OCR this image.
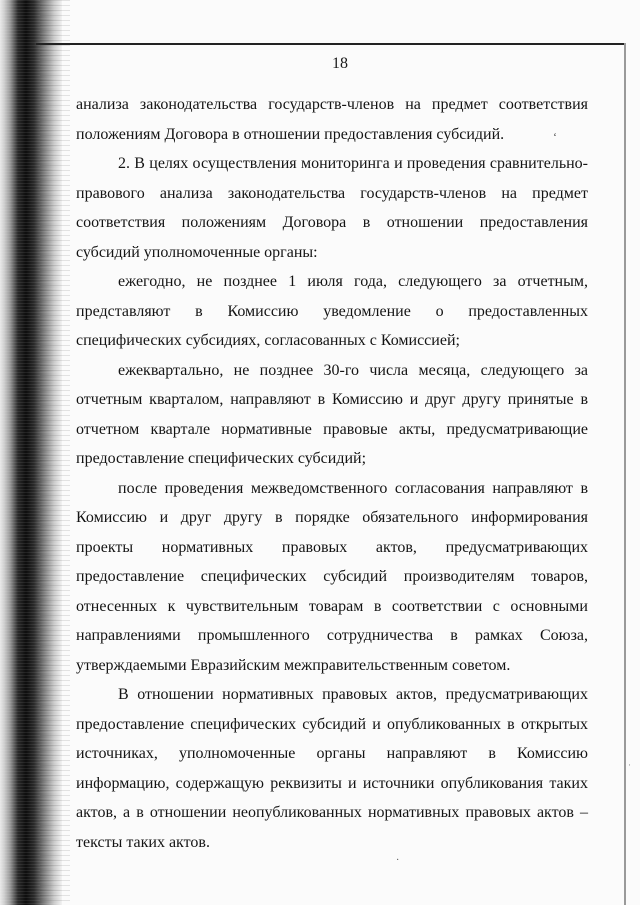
18

анализа законодательства государств-членов на предмет соответствия положениям Договора в отношении предоставления субсидий.

2. В целях осуществления мониторинга и проведения сравнительно-правового анализа законодательства государств-членов на предмет соответствия положениям Договора в отношении предоставления субсидий уполномоченные органы:

ежегодно, не позднее 1 июля года, следующего за отчетным, представляют в Комиссию уведомление о предоставленных специфических субсидиях, согласованных с Комиссией;

ежеквартально, не позднее 30-го числа месяца, следующего за отчетным кварталом, направляют в Комиссию и друг другу принятые в отчетном квартале нормативные правовые акты, предусматривающие предоставление специфических субсидий;

после проведения межведомственного согласования направляют в Комиссию и друг другу в порядке обязательного информирования проекты нормативных правовых актов, предусматривающих предоставление специфических субсидий производителям товаров, отнесенных к чувствительным товарам в соответствии с основными направлениями промышленного сотрудничества в рамках Союза, утверждаемыми Евразийским межправительственным советом.

В отношении нормативных правовых актов, предусматривающих предоставление специфических субсидий и опубликованных в открытых источниках, уполномоченные органы направляют в Комиссию информацию, содержащую реквизиты и источники опубликования таких актов, а в отношении неопубликованных нормативных правовых актов – тексты таких актов.

‘
·
·
